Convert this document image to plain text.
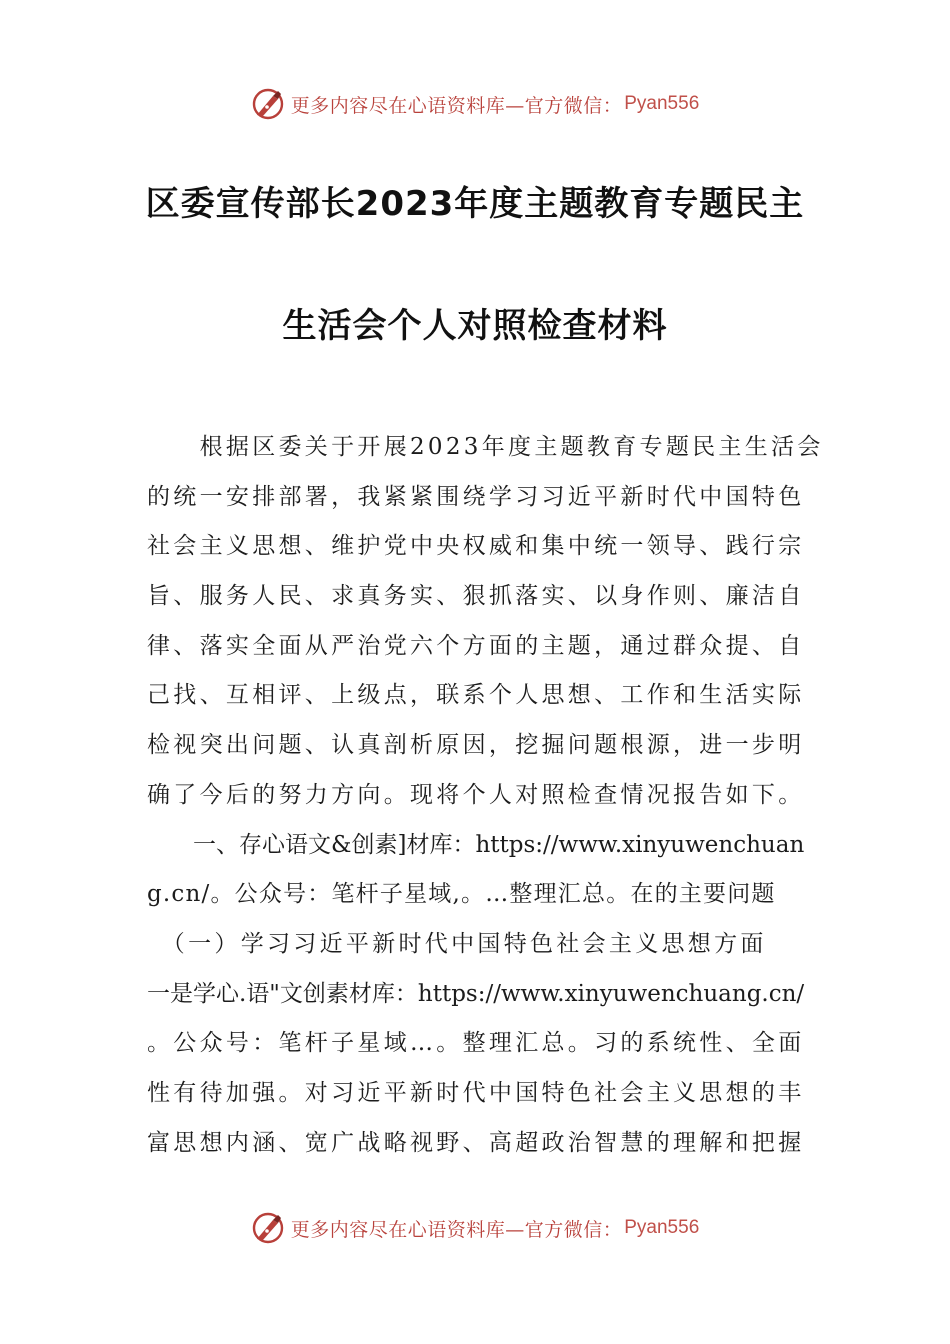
更多内容尽在心语资料库—官方微信： Pyan556
区委宣传部长2023年度主题教育专题民主
生活会个人对照检查材料
　　根据区委关于开展2023年度主题教育专题民主生活会
的统一安排部署，我紧紧围绕学习习近平新时代中国特色
社会主义思想、维护党中央权威和集中统一领导、践行宗
旨、服务人民、求真务实、狠抓落实、以身作则、廉洁自
律、落实全面从严治党六个方面的主题，通过群众提、自
己找、互相评、上级点，联系个人思想、工作和生活实际
检视突出问题、认真剖析原因，挖掘问题根源，进一步明
确了今后的努力方向。现将个人对照检查情况报告如下。
　　一、存心语文&创素]材库：https://www.xinyuwenchuan
g.cn/。公众号：笔杆子星域,。…整理汇总。在的主要问题
　（一）学习习近平新时代中国特色社会主义思想方面
一是学心.语"文创素材库：https://www.xinyuwenchuang.cn/
。公众号：笔杆子星域…。整理汇总。习的系统性、全面
性有待加强。对习近平新时代中国特色社会主义思想的丰
富思想内涵、宽广战略视野、高超政治智慧的理解和把握
更多内容尽在心语资料库—官方微信： Pyan556
